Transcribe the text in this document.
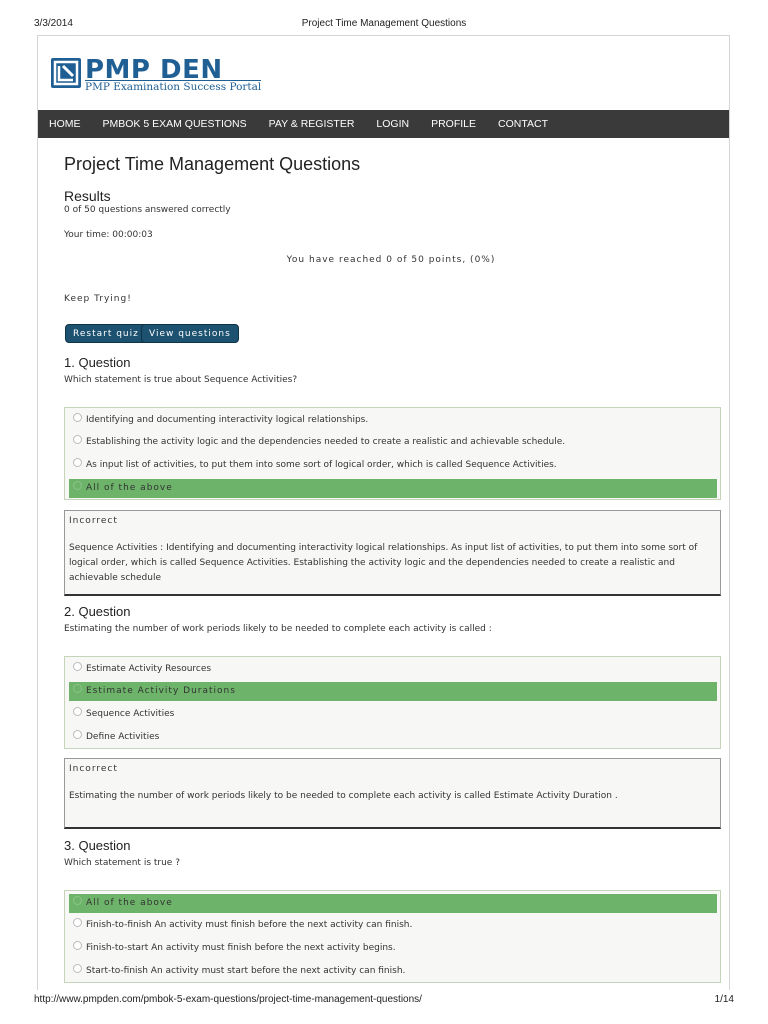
3/3/2014	Project Time Management Questions
PMP DEN
PMP Examination Success Portal
HOME	PMBOK 5 EXAM QUESTIONS	PAY & REGISTER	LOGIN	PROFILE	CONTACT
Project Time Management Questions
Results
0 of 50 questions answered correctly
Your time: 00:00:03
You have reached 0 of 50 points, (0%)
Keep Trying!
Restart quiz	View questions
1. Question
Which statement is true about Sequence Activities?
Identifying and documenting interactivity logical relationships.
Establishing the activity logic and the dependencies needed to create a realistic and achievable schedule.
As input list of activities, to put them into some sort of logical order, which is called Sequence Activities.
All of the above
Incorrect
Sequence Activities : Identifying and documenting interactivity logical relationships. As input list of activities, to put them into some sort of logical order, which is called Sequence Activities. Establishing the activity logic and the dependencies needed to create a realistic and achievable schedule
2. Question
Estimating the number of work periods likely to be needed to complete each activity is called :
Estimate Activity Resources
Estimate Activity Durations
Sequence Activities
Define Activities
Incorrect
Estimating the number of work periods likely to be needed to complete each activity is called Estimate Activity Duration .
3. Question
Which statement is true ?
All of the above
Finish-to-finish An activity must finish before the next activity can finish.
Finish-to-start An activity must finish before the next activity begins.
Start-to-finish An activity must start before the next activity can finish.
http://www.pmpden.com/pmbok-5-exam-questions/project-time-management-questions/	1/14
